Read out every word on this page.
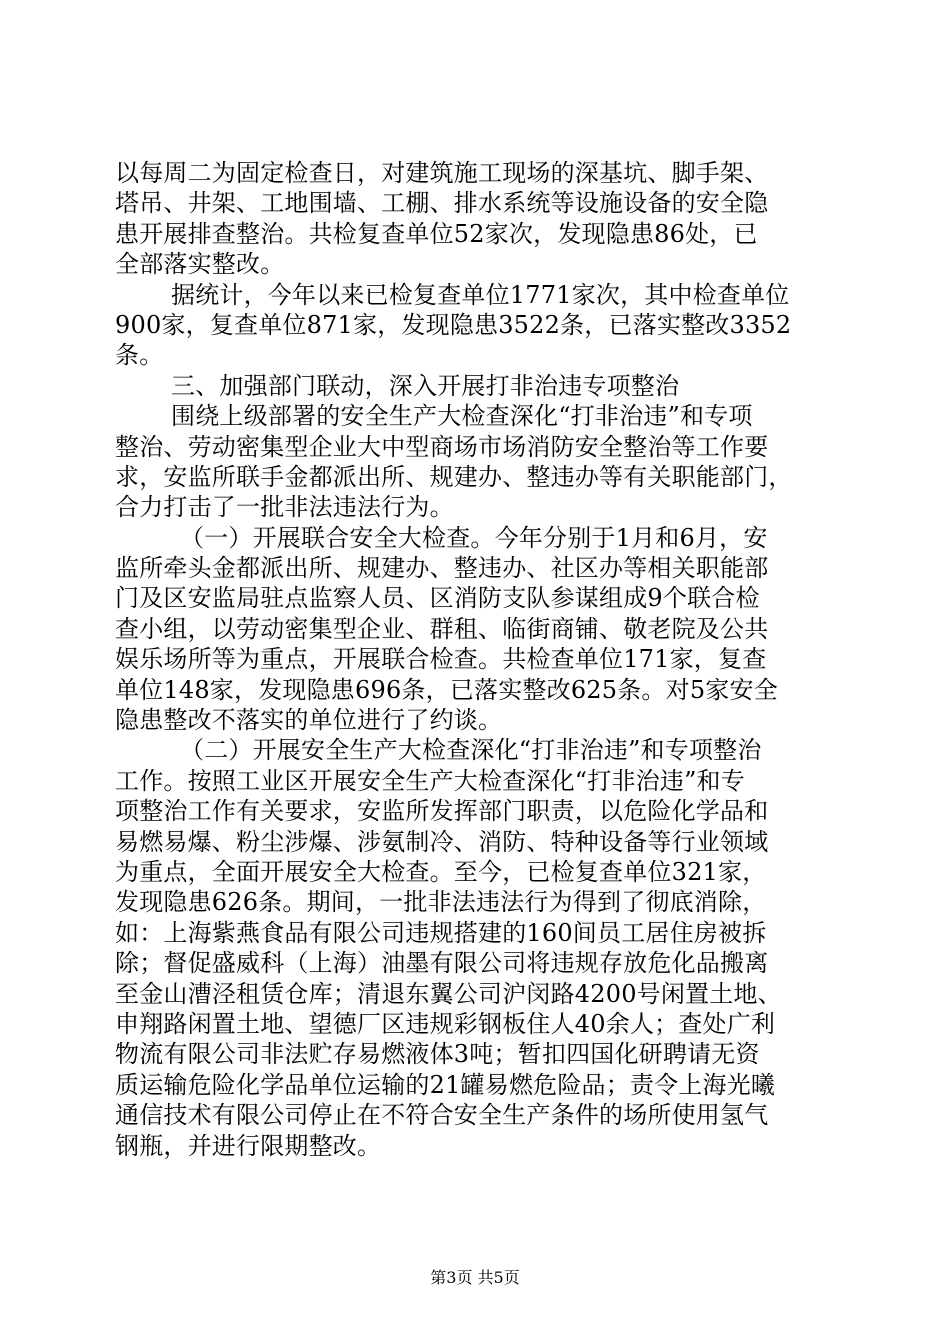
以每周二为固定检查日，对建筑施工现场的深基坑、脚手架、
塔吊、井架、工地围墙、工棚、排水系统等设施设备的安全隐
患开展排查整治。共检复查单位52家次，发现隐患86处，已
全部落实整改。
据统计，今年以来已检复查单位1771家次，其中检查单位
900家，复查单位871家，发现隐患3522条，已落实整改3352
条。
三、加强部门联动，深入开展打非治违专项整治
围绕上级部署的安全生产大检查深化“打非治违”和专项
整治、劳动密集型企业大中型商场市场消防安全整治等工作要
求，安监所联手金都派出所、规建办、整违办等有关职能部门，
合力打击了一批非法违法行为。
（一）开展联合安全大检查。今年分别于1月和6月，安
监所牵头金都派出所、规建办、整违办、社区办等相关职能部
门及区安监局驻点监察人员、区消防支队参谋组成9个联合检
查小组，以劳动密集型企业、群租、临街商铺、敬老院及公共
娱乐场所等为重点，开展联合检查。共检查单位171家，复查
单位148家，发现隐患696条，已落实整改625条。对5家安全
隐患整改不落实的单位进行了约谈。
（二）开展安全生产大检查深化“打非治违”和专项整治
工作。按照工业区开展安全生产大检查深化“打非治违”和专
项整治工作有关要求，安监所发挥部门职责，以危险化学品和
易燃易爆、粉尘涉爆、涉氨制冷、消防、特种设备等行业领域
为重点，全面开展安全大检查。至今，已检复查单位321家，
发现隐患626条。期间，一批非法违法行为得到了彻底消除，
如：上海紫燕食品有限公司违规搭建的160间员工居住房被拆
除；督促盛威科（上海）油墨有限公司将违规存放危化品搬离
至金山漕泾租赁仓库；清退东翼公司沪闵路4200号闲置土地、
申翔路闲置土地、望德厂区违规彩钢板住人40余人；查处广利
物流有限公司非法贮存易燃液体3吨；暂扣四国化研聘请无资
质运输危险化学品单位运输的21罐易燃危险品；责令上海光曦
通信技术有限公司停止在不符合安全生产条件的场所使用氢气
钢瓶，并进行限期整改。
第3页 共5页
